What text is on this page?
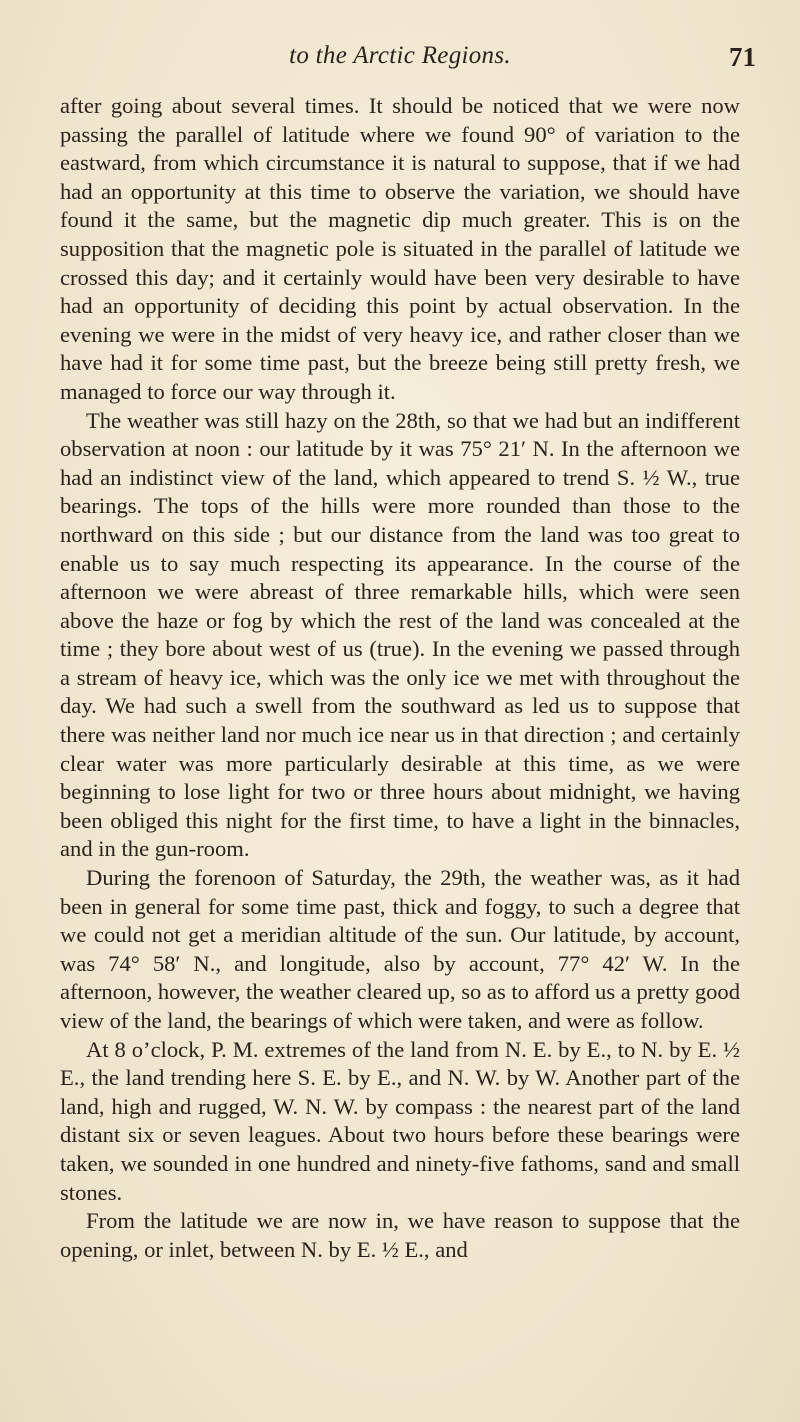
to the Arctic Regions.	71

after going about several times. It should be noticed that we were now passing the parallel of latitude where we found 90° of variation to the eastward, from which circumstance it is natural to suppose, that if we had had an opportunity at this time to observe the variation, we should have found it the same, but the magnetic dip much greater. This is on the supposition that the magnetic pole is situated in the parallel of latitude we crossed this day; and it certainly would have been very desirable to have had an opportunity of deciding this point by actual observation. In the evening we were in the midst of very heavy ice, and rather closer than we have had it for some time past, but the breeze being still pretty fresh, we managed to force our way through it.

The weather was still hazy on the 28th, so that we had but an indifferent observation at noon : our latitude by it was 75° 21′ N. In the afternoon we had an indistinct view of the land, which appeared to trend S. ½ W., true bearings. The tops of the hills were more rounded than those to the northward on this side ; but our distance from the land was too great to enable us to say much respecting its appearance. In the course of the afternoon we were abreast of three remarkable hills, which were seen above the haze or fog by which the rest of the land was concealed at the time ; they bore about west of us (true). In the evening we passed through a stream of heavy ice, which was the only ice we met with throughout the day. We had such a swell from the southward as led us to suppose that there was neither land nor much ice near us in that direction ; and certainly clear water was more particularly desirable at this time, as we were beginning to lose light for two or three hours about midnight, we having been obliged this night for the first time, to have a light in the binnacles, and in the gun-room.

During the forenoon of Saturday, the 29th, the weather was, as it had been in general for some time past, thick and foggy, to such a degree that we could not get a meridian altitude of the sun. Our latitude, by account, was 74° 58′ N., and longitude, also by account, 77° 42′ W. In the afternoon, however, the weather cleared up, so as to afford us a pretty good view of the land, the bearings of which were taken, and were as follow.

At 8 o’clock, P. M. extremes of the land from N. E. by E., to N. by E. ½ E., the land trending here S. E. by E., and N. W. by W. Another part of the land, high and rugged, W. N. W. by compass : the nearest part of the land distant six or seven leagues. About two hours before these bearings were taken, we sounded in one hundred and ninety-five fathoms, sand and small stones.

From the latitude we are now in, we have reason to suppose that the opening, or inlet, between N. by E. ½ E., and
